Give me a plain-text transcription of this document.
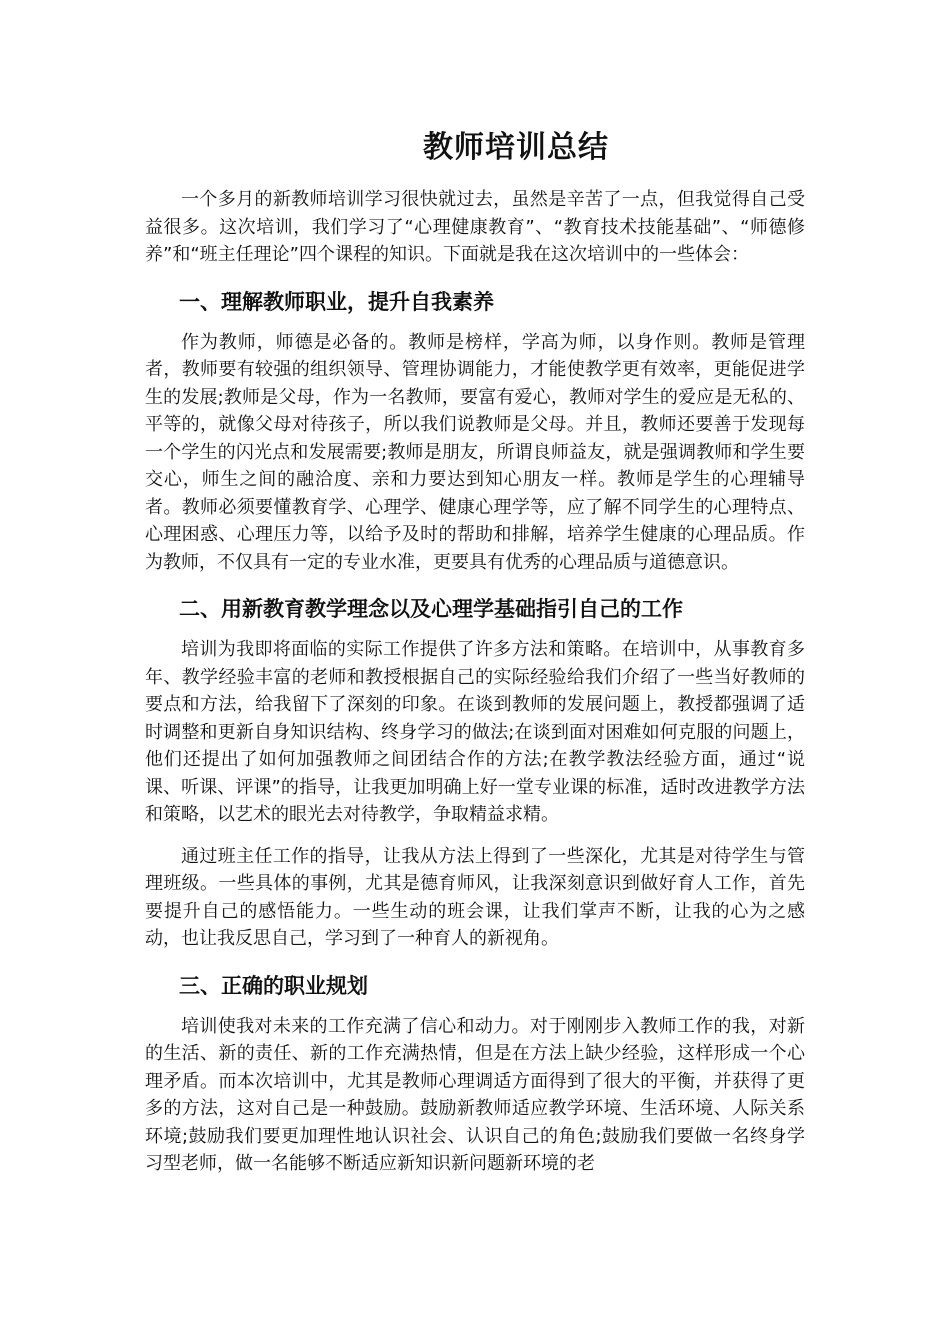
教师培训总结

一个多月的新教师培训学习很快就过去，虽然是辛苦了一点，但我觉得自己受益很多。这次培训，我们学习了“心理健康教育”、“教育技术技能基础”、“师德修养”和“班主任理论”四个课程的知识。下面就是我在这次培训中的一些体会：

一、理解教师职业，提升自我素养

作为教师，师德是必备的。教师是榜样，学高为师，以身作则。教师是管理者，教师要有较强的组织领导、管理协调能力，才能使教学更有效率，更能促进学生的发展;教师是父母，作为一名教师，要富有爱心，教师对学生的爱应是无私的、平等的，就像父母对待孩子，所以我们说教师是父母。并且，教师还要善于发现每一个学生的闪光点和发展需要;教师是朋友，所谓良师益友，就是强调教师和学生要交心，师生之间的融洽度、亲和力要达到知心朋友一样。教师是学生的心理辅导者。教师必须要懂教育学、心理学、健康心理学等，应了解不同学生的心理特点、心理困惑、心理压力等，以给予及时的帮助和排解，培养学生健康的心理品质。作为教师，不仅具有一定的专业水准，更要具有优秀的心理品质与道德意识。

二、用新教育教学理念以及心理学基础指引自己的工作

培训为我即将面临的实际工作提供了许多方法和策略。在培训中，从事教育多年、教学经验丰富的老师和教授根据自己的实际经验给我们介绍了一些当好教师的要点和方法，给我留下了深刻的印象。在谈到教师的发展问题上，教授都强调了适时调整和更新自身知识结构、终身学习的做法;在谈到面对困难如何克服的问题上，他们还提出了如何加强教师之间团结合作的方法;在教学教法经验方面，通过“说课、听课、评课”的指导，让我更加明确上好一堂专业课的标准，适时改进教学方法和策略，以艺术的眼光去对待教学，争取精益求精。

通过班主任工作的指导，让我从方法上得到了一些深化，尤其是对待学生与管理班级。一些具体的事例，尤其是德育师风，让我深刻意识到做好育人工作，首先要提升自己的感悟能力。一些生动的班会课，让我们掌声不断，让我的心为之感动，也让我反思自己，学习到了一种育人的新视角。

三、正确的职业规划

培训使我对未来的工作充满了信心和动力。对于刚刚步入教师工作的我，对新的生活、新的责任、新的工作充满热情，但是在方法上缺少经验，这样形成一个心理矛盾。而本次培训中，尤其是教师心理调适方面得到了很大的平衡，并获得了更多的方法，这对自己是一种鼓励。鼓励新教师适应教学环境、生活环境、人际关系环境;鼓励我们要更加理性地认识社会、认识自己的角色;鼓励我们要做一名终身学习型老师，做一名能够不断适应新知识新问题新环境的老
